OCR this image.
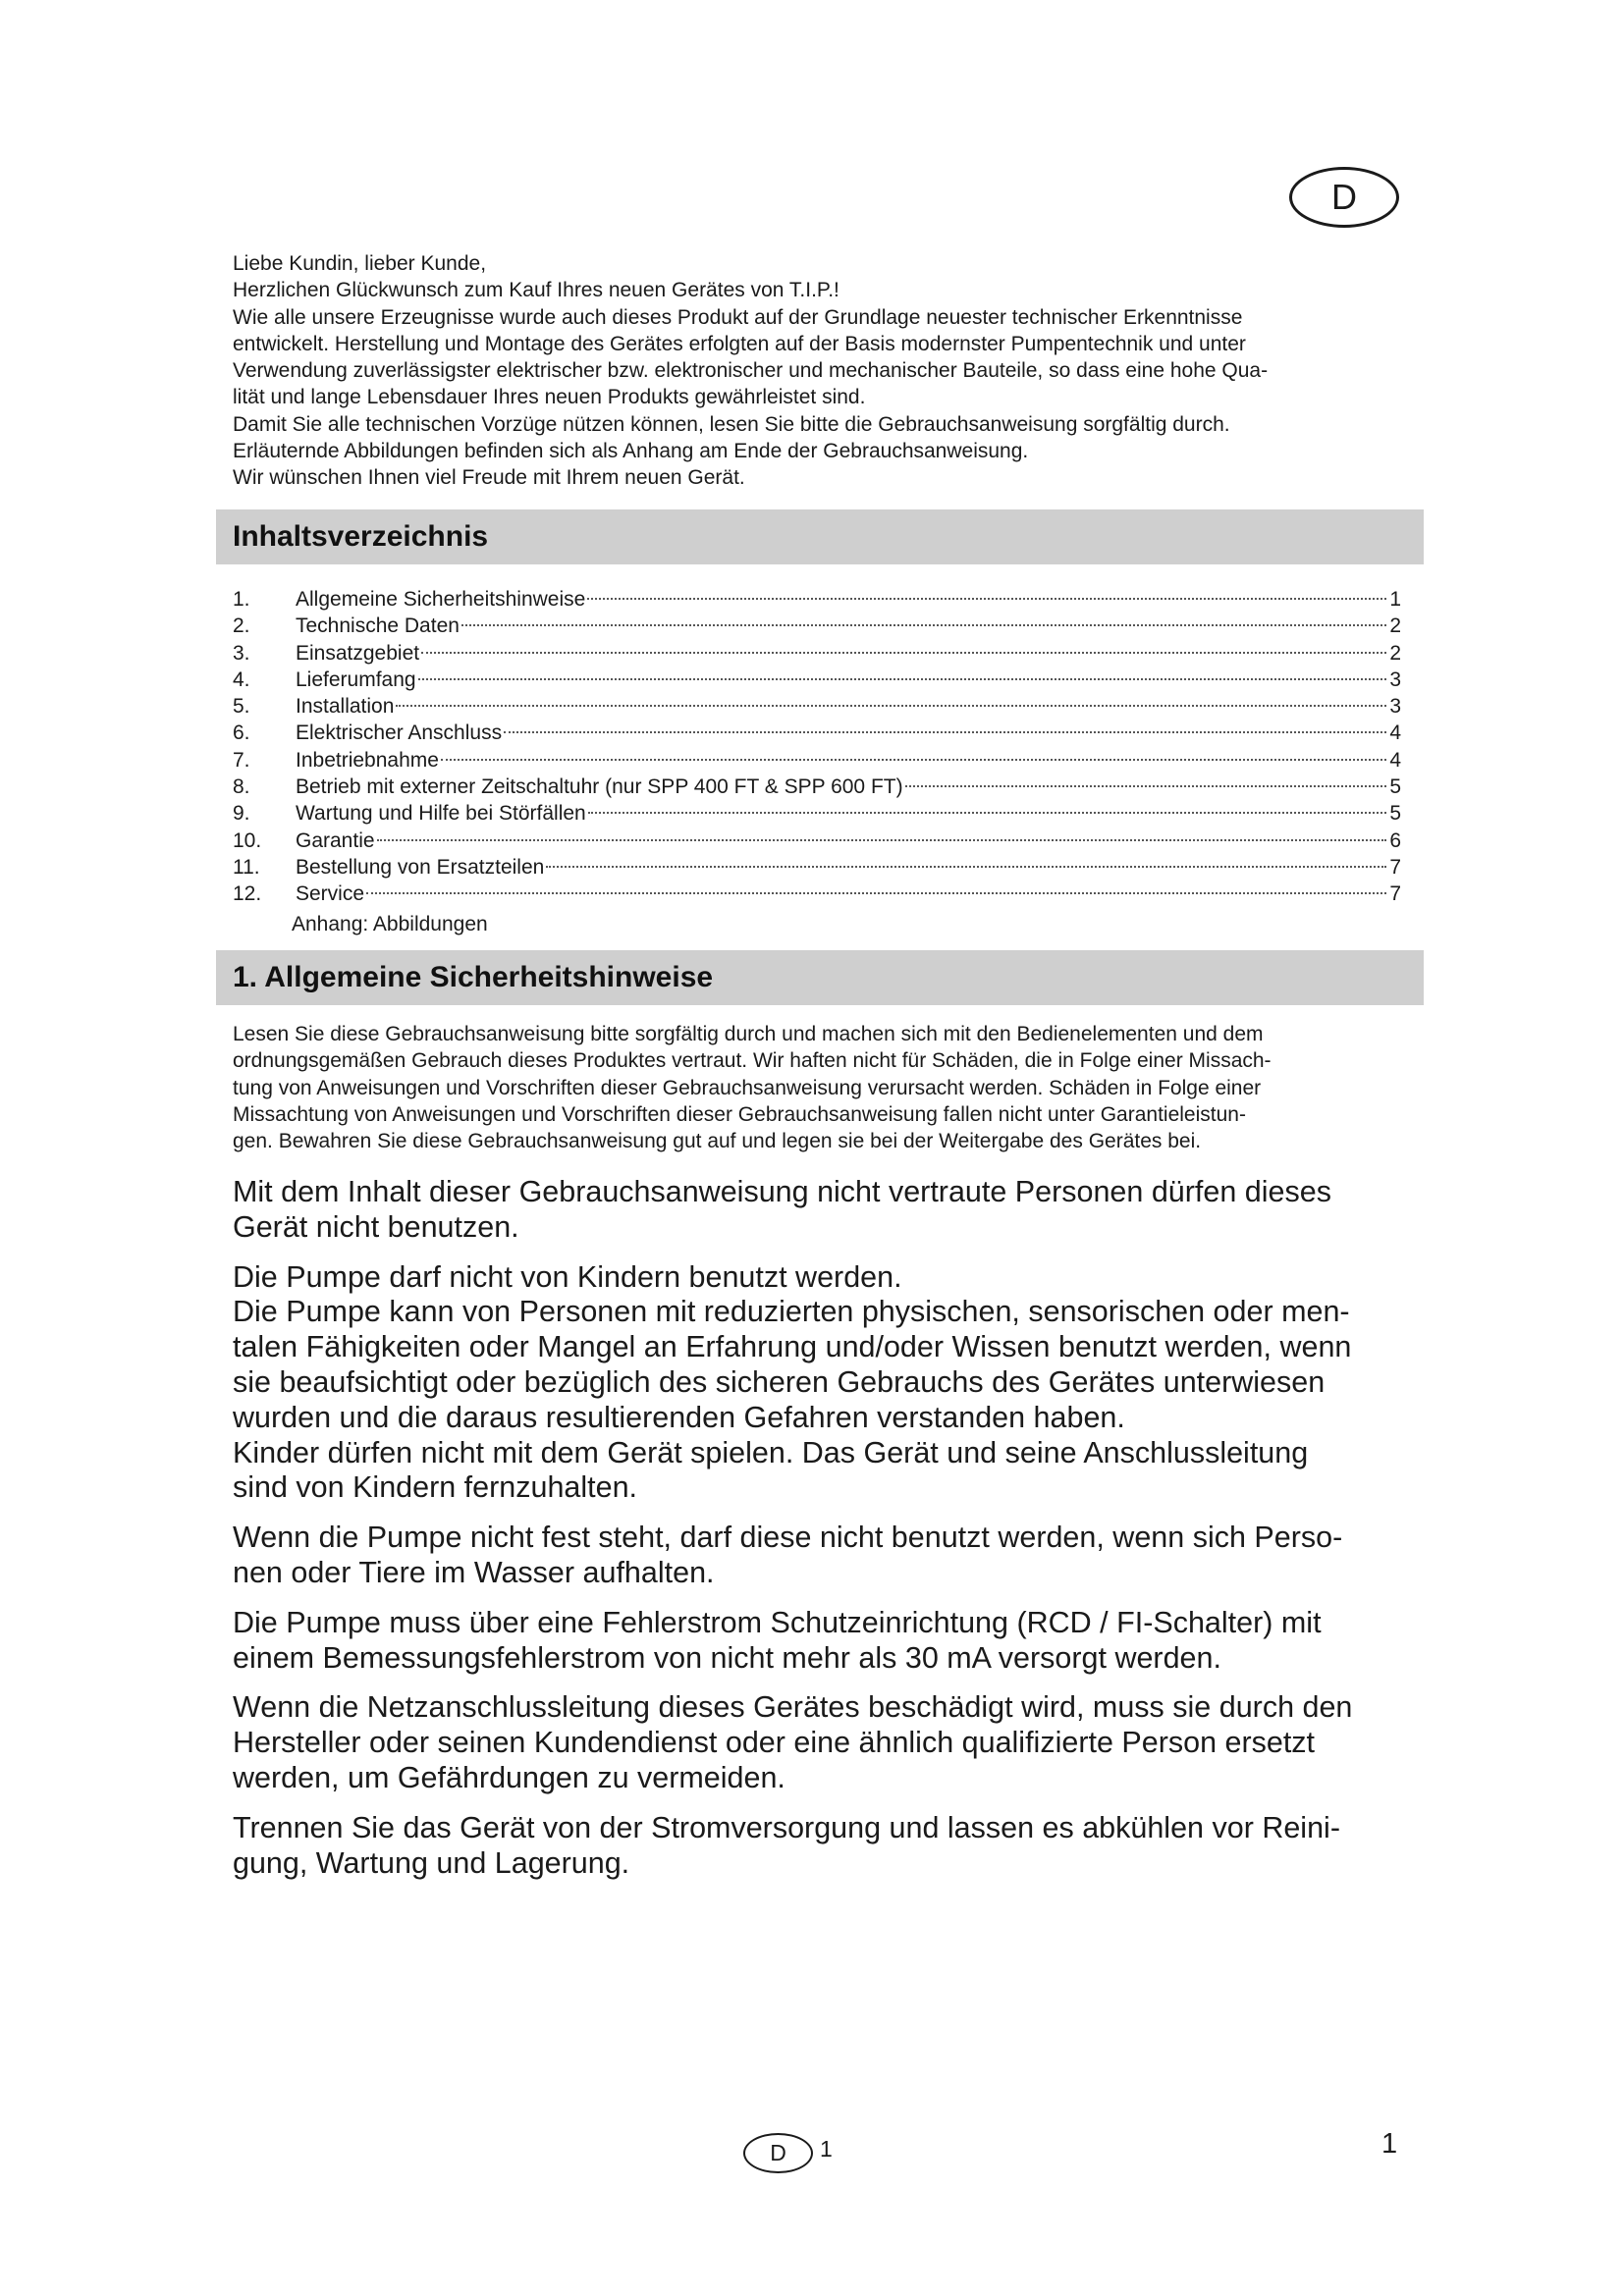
D

Liebe Kundin, lieber Kunde,

Herzlichen Glückwunsch zum Kauf Ihres neuen Gerätes von T.I.P.!

Wie alle unsere Erzeugnisse wurde auch dieses Produkt auf der Grundlage neuester technischer Erkenntnisse

entwickelt. Herstellung und Montage des Gerätes erfolgten auf der Basis modernster Pumpentechnik und unter

Verwendung zuverlässigster elektrischer bzw. elektronischer und mechanischer Bauteile, so dass eine hohe Qua-

lität und lange Lebensdauer Ihres neuen Produkts gewährleistet sind.

Damit Sie alle technischen Vorzüge nützen können, lesen Sie bitte die Gebrauchsanweisung sorgfältig durch.

Erläuternde Abbildungen befinden sich als Anhang am Ende der Gebrauchsanweisung.

Wir wünschen Ihnen viel Freude mit Ihrem neuen Gerät.

Inhaltsverzeichnis
1.	Allgemeine Sicherheitshinweise	1
2.	Technische Daten	2
3.	Einsatzgebiet	2
4.	Lieferumfang	3
5.	Installation	3
6.	Elektrischer Anschluss	4
7.	Inbetriebnahme	4
8.	Betrieb mit externer Zeitschaltuhr (nur SPP 400 FT & SPP 600 FT)	5
9.	Wartung und Hilfe bei Störfällen	5
10.	Garantie	6
11.	Bestellung von Ersatzteilen	7
12.	Service	7
Anhang: Abbildungen
1. Allgemeine Sicherheitshinweise

Lesen Sie diese Gebrauchsanweisung bitte sorgfältig durch und machen sich mit den Bedienelementen und dem

ordnungsgemäßen Gebrauch dieses Produktes vertraut. Wir haften nicht für Schäden, die in Folge einer Missach-

tung von Anweisungen und Vorschriften dieser Gebrauchsanweisung verursacht werden. Schäden in Folge einer

Missachtung von Anweisungen und Vorschriften dieser Gebrauchsanweisung fallen nicht unter Garantieleistun-

gen. Bewahren Sie diese Gebrauchsanweisung gut auf und legen sie bei der Weitergabe des Gerätes bei.

Mit dem Inhalt dieser Gebrauchsanweisung nicht vertraute Personen dürfen dieses

Gerät nicht benutzen.

Die Pumpe darf nicht von Kindern benutzt werden.

Die Pumpe kann von Personen mit reduzierten physischen, sensorischen oder men-

talen Fähigkeiten oder Mangel an Erfahrung und/oder Wissen benutzt werden, wenn

sie beaufsichtigt oder bezüglich des sicheren Gebrauchs des Gerätes unterwiesen

wurden und die daraus resultierenden Gefahren verstanden haben.

Kinder dürfen nicht mit dem Gerät spielen. Das Gerät und seine Anschlussleitung

sind von Kindern fernzuhalten.

Wenn die Pumpe nicht fest steht, darf diese nicht benutzt werden, wenn sich Perso-

nen oder Tiere im Wasser aufhalten.

Die Pumpe muss über eine Fehlerstrom Schutzeinrichtung (RCD / FI-Schalter) mit

einem Bemessungsfehlerstrom von nicht mehr als 30 mA versorgt werden.

Wenn die Netzanschlussleitung dieses Gerätes beschädigt wird, muss sie durch den

Hersteller oder seinen Kundendienst oder eine ähnlich qualifizierte Person ersetzt

werden, um Gefährdungen zu vermeiden.

Trennen Sie das Gerät von der Stromversorgung und lassen es abkühlen vor Reini-

gung, Wartung und Lagerung.

D	1	1
